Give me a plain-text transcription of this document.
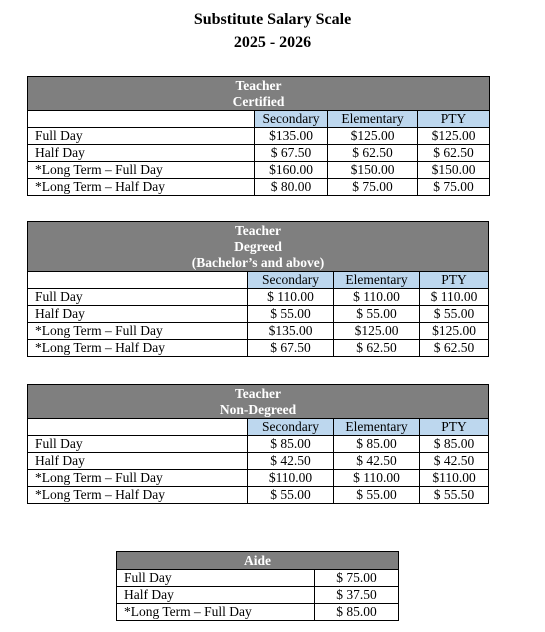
Substitute Salary Scale
2025 - 2026
Teacher
Certified			

	Secondary	Elementary	PTY
Full Day	$135.00	$125.00	$125.00
Half Day	$ 67.50	$ 62.50	$ 62.50
*Long Term – Full Day	$160.00	$150.00	$150.00
*Long Term – Half Day	$ 80.00	$ 75.00	$ 75.00
Teacher
Degreed
(Bachelor’s and above)			

	Secondary	Elementary	PTY
Full Day	$ 110.00	$ 110.00	$ 110.00
Half Day	$ 55.00	$ 55.00	$ 55.00
*Long Term – Full Day	$135.00	$125.00	$125.00
*Long Term – Half Day	$ 67.50	$ 62.50	$ 62.50
Teacher
Non-Degreed			

	Secondary	Elementary	PTY
Full Day	$ 85.00	$ 85.00	$ 85.00
Half Day	$ 42.50	$ 42.50	$ 42.50
*Long Term – Full Day	$110.00	$ 110.00	$110.00
*Long Term – Half Day	$ 55.00	$ 55.00	$ 55.50
Aide	

Full Day	$ 75.00
Half Day	$ 37.50
*Long Term – Full Day	$ 85.00
